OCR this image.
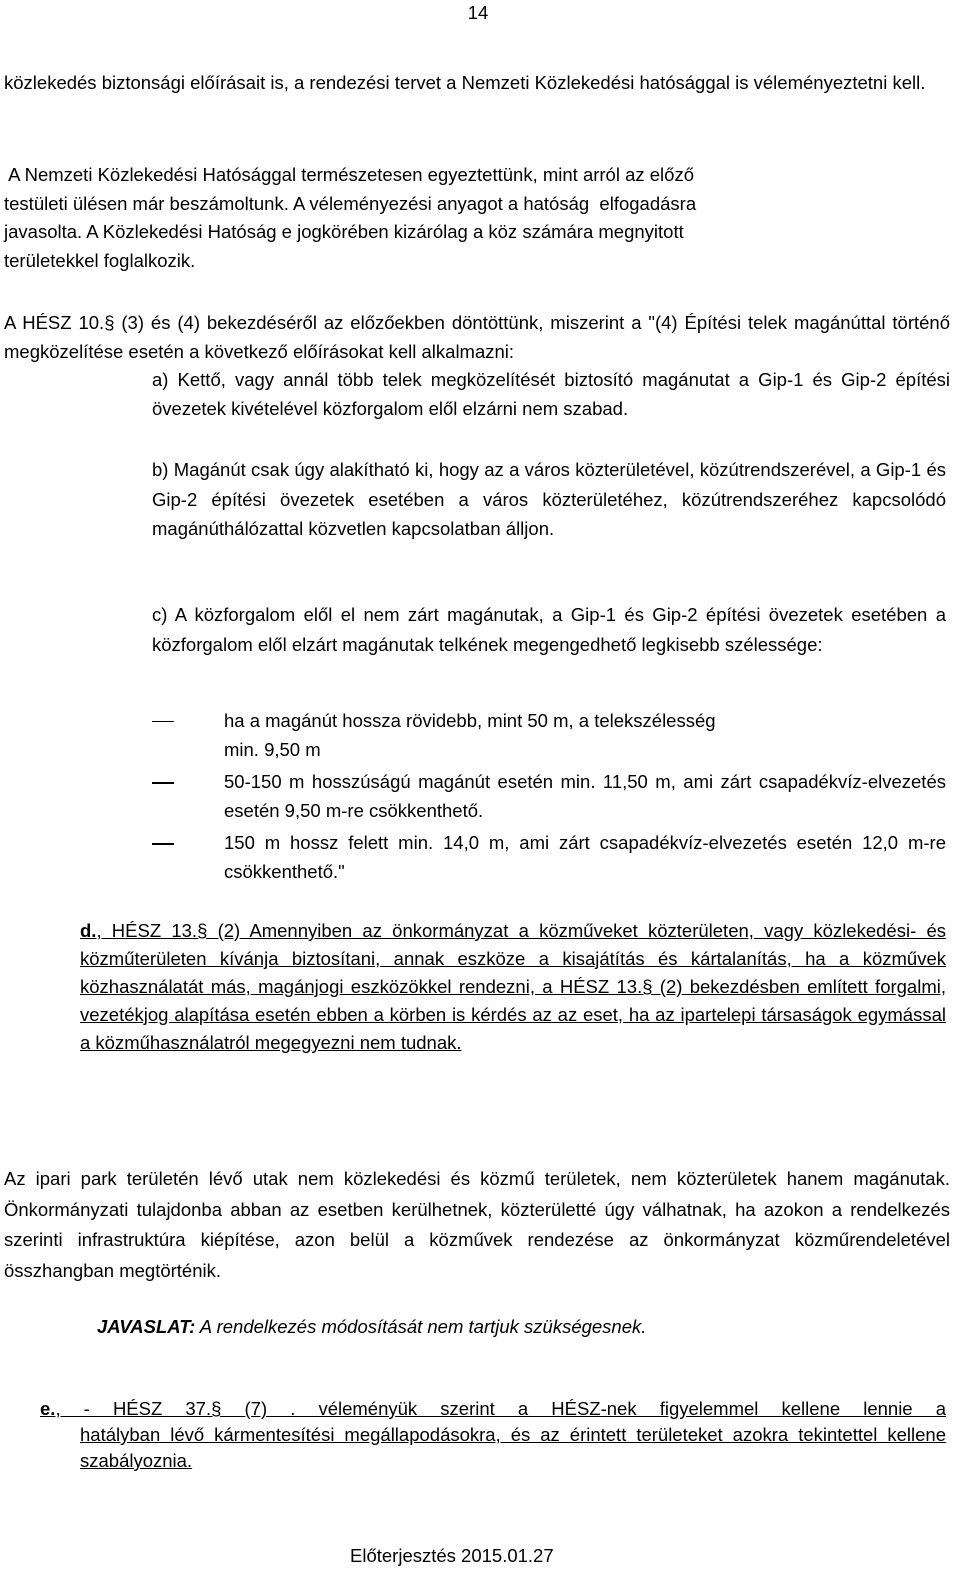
14
közlekedés biztonsági előírásait is, a rendezési tervet a Nemzeti Közlekedési hatósággal is véleményeztetni kell.
A Nemzeti Közlekedési Hatósággal természetesen egyeztettünk, mint arról az előző
testületi ülésen már beszámoltunk. A véleményezési anyagot a hatóság  elfogadásra
javasolta. A Közlekedési Hatóság e jogkörében kizárólag a köz számára megnyitott
területekkel foglalkozik.
A HÉSZ 10.§ (3) és (4) bekezdéséről az előzőekben döntöttünk, miszerint a "(4) Építési telek magánúttal történő megközelítése esetén a következő előírásokat kell alkalmazni:
a) Kettő, vagy annál több telek megközelítését biztosító magánutat a Gip-1 és Gip-2 építési övezetek kivételével közforgalom elől elzárni nem szabad.
b) Magánút csak úgy alakítható ki, hogy az a város közterületével, közútrendszerével, a Gip-1 és Gip-2 építési övezetek esetében a város közterületéhez, közútrendszeréhez kapcsolódó magánúthálózattal közvetlen kapcsolatban álljon.
c) A közforgalom elől el nem zárt magánutak, a Gip-1 és Gip-2 építési övezetek esetében a közforgalom elől elzárt magánutak telkének megengedhető legkisebb szélessége:
ha a magánút hossza rövidebb, mint 50 m, a telekszélesség
min. 9,50 m
50-150 m hosszúságú magánút esetén min. 11,50 m, ami zárt csapadékvíz-elvezetés esetén 9,50 m-re csökkenthető.
150 m hossz felett min. 14,0 m, ami zárt csapadékvíz-elvezetés esetén 12,0 m-re csökkenthető."
d., HÉSZ 13.§ (2) Amennyiben az önkormányzat a közműveket közterületen, vagy közlekedési- és közműterületen kívánja biztosítani, annak eszköze a kisajátítás és kártalanítás, ha a közművek közhasználatát más, magánjogi eszközökkel rendezni, a HÉSZ 13.§ (2) bekezdésben említett forgalmi, vezetékjog alapítása esetén ebben a körben is kérdés az az eset, ha az ipartelepi társaságok egymással a közműhasználatról megegyezni nem tudnak.
Az ipari park területén lévő utak nem közlekedési és közmű területek, nem közterületek hanem magánutak. Önkormányzati tulajdonba abban az esetben kerülhetnek, közterületté úgy válhatnak, ha azokon a rendelkezés szerinti infrastruktúra kiépítése, azon belül a közművek rendezése az önkormányzat közműrendeletével összhangban megtörténik.
JAVASLAT: A rendelkezés módosítását nem tartjuk szükségesnek.
e., - HÉSZ 37.§ (7) . véleményük szerint a HÉSZ-nek figyelemmel kellene lennie a
hatályban lévő kármentesítési megállapodásokra, és az érintett területeket azokra tekintettel kellene szabályoznia.
Előterjesztés 2015.01.27
